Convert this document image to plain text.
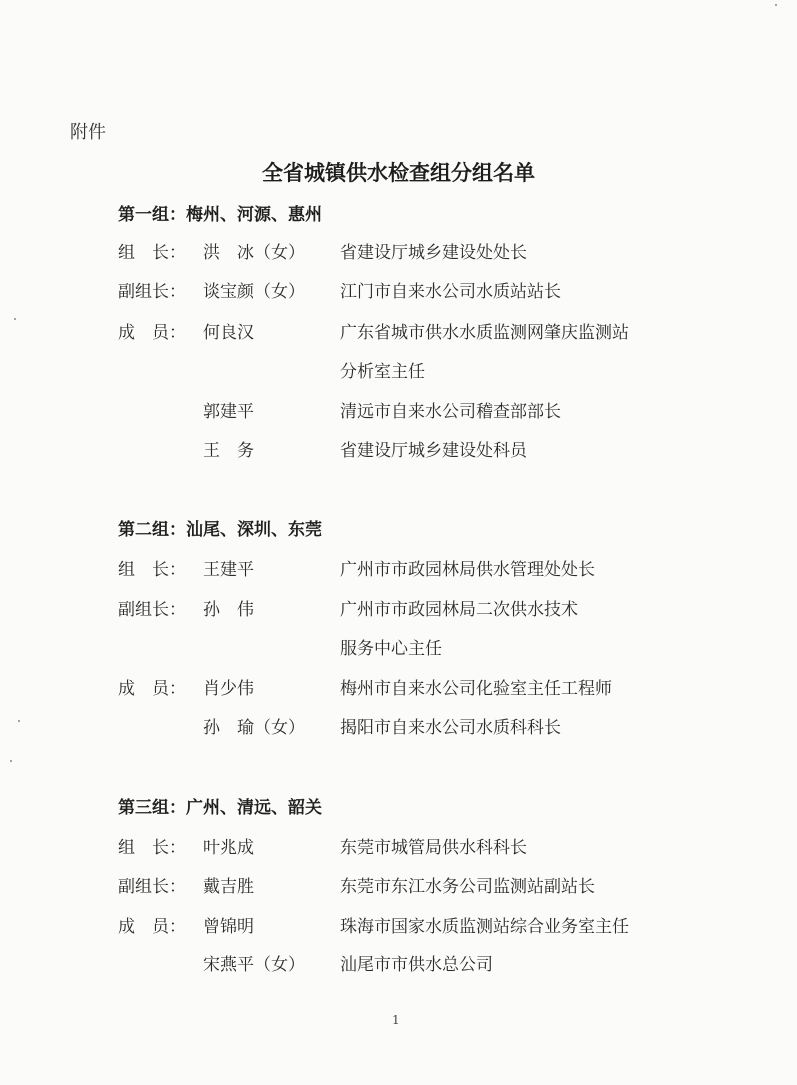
附件
全省城镇供水检查组分组名单
第一组：梅州、河源、惠州
组　长： 洪　冰（女） 省建设厅城乡建设处处长
副组长： 谈宝颜（女） 江门市自来水公司水质站站长
成　员： 何良汉	广东省城市供水水质监测网肇庆监测站
分析室主任
郭建平	清远市自来水公司稽查部部长
王　务	省建设厅城乡建设处科员
第二组：汕尾、深圳、东莞
组　长： 王建平	广州市市政园林局供水管理处处长
副组长： 孙　伟	广州市市政园林局二次供水技术
服务中心主任
成　员： 肖少伟	梅州市自来水公司化验室主任工程师
孙　瑜（女） 揭阳市自来水公司水质科科长
第三组：广州、清远、韶关
组　长： 叶兆成	东莞市城管局供水科科长
副组长： 戴吉胜	东莞市东江水务公司监测站副站长
成　员： 曾锦明	珠海市国家水质监测站综合业务室主任
宋燕平（女） 汕尾市市供水总公司
1
